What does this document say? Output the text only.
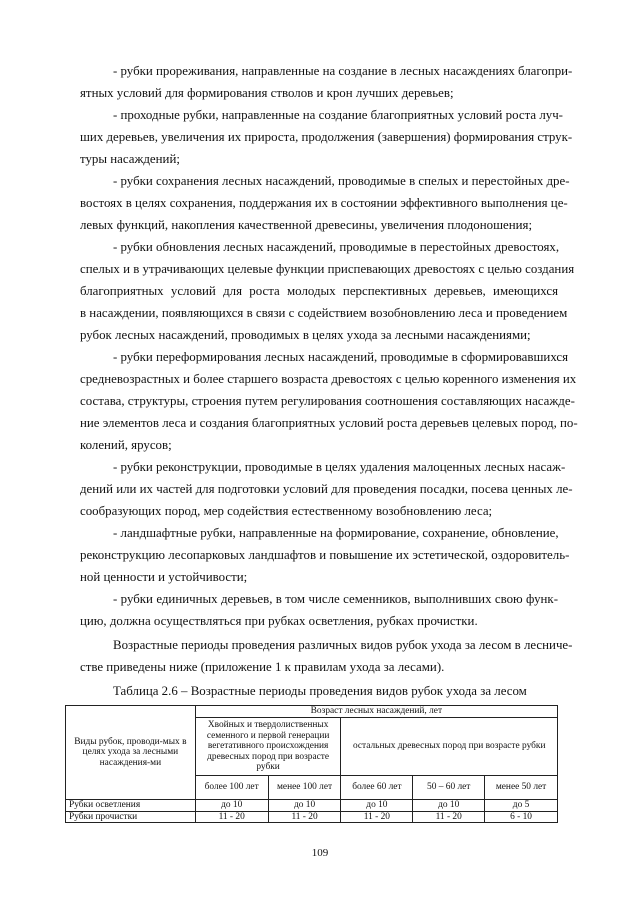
- рубки прореживания, направленные на создание в лесных насаждениях благопри-
ятных условий для формирования стволов и крон лучших деревьев;
- проходные рубки, направленные на создание благоприятных условий роста луч-
ших деревьев, увеличения их прироста, продолжения (завершения) формирования струк-
туры насаждений;
- рубки сохранения лесных насаждений, проводимые в спелых и перестойных дре-
востоях в целях сохранения, поддержания их в состоянии эффективного выполнения це-
левых функций, накопления качественной древесины, увеличения плодоношения;
- рубки обновления лесных насаждений, проводимые в перестойных древостоях,
спелых и в утрачивающих целевые функции приспевающих древостоях с целью создания
благоприятных условий для роста молодых перспективных деревьев, имеющихся
в насаждении, появляющихся в связи с содействием возобновлению леса и проведением
рубок лесных насаждений, проводимых в целях ухода за лесными насаждениями;
- рубки переформирования лесных насаждений, проводимые в сформировавшихся
средневозрастных и более старшего возраста древостоях с целью коренного изменения их
состава, структуры, строения путем регулирования соотношения составляющих насажде-
ние элементов леса и создания благоприятных условий роста деревьев целевых пород, по-
колений, ярусов;
- рубки реконструкции, проводимые в целях удаления малоценных лесных насаж-
дений или их частей для подготовки условий для проведения посадки, посева ценных ле-
сообразующих пород, мер содействия естественному возобновлению леса;
- ландшафтные рубки, направленные на формирование, сохранение, обновление,
реконструкцию лесопарковых ландшафтов и повышение их эстетической, оздоровитель-
ной ценности и устойчивости;
- рубки единичных деревьев, в том числе семенников, выполнивших свою функ-
цию, должна осуществляться при рубках осветления, рубках прочистки.
Возрастные периоды проведения различных видов рубок ухода за лесом в лесниче-
стве приведены ниже (приложение 1 к правилам ухода за лесами).
Таблица 2.6 – Возрастные периоды проведения видов рубок ухода за лесом
Виды рубок, проводи-мых в целях ухода за лесными насаждения-ми	Возраст лесных насаждений, лет				
	Хвойных и твердолиственных семенного и первой генерации вегетативного происхождения древесных пород при возрасте рубки		остальных древесных пород при возрасте рубки		
	более 100 лет	менее 100 лет	более 60 лет	50 – 60 лет	менее 50 лет
Рубки осветления	до 10	до 10	до 10	до 10	до 5
Рубки прочистки	11 - 20	11 - 20	11 - 20	11 - 20	6 - 10
109
